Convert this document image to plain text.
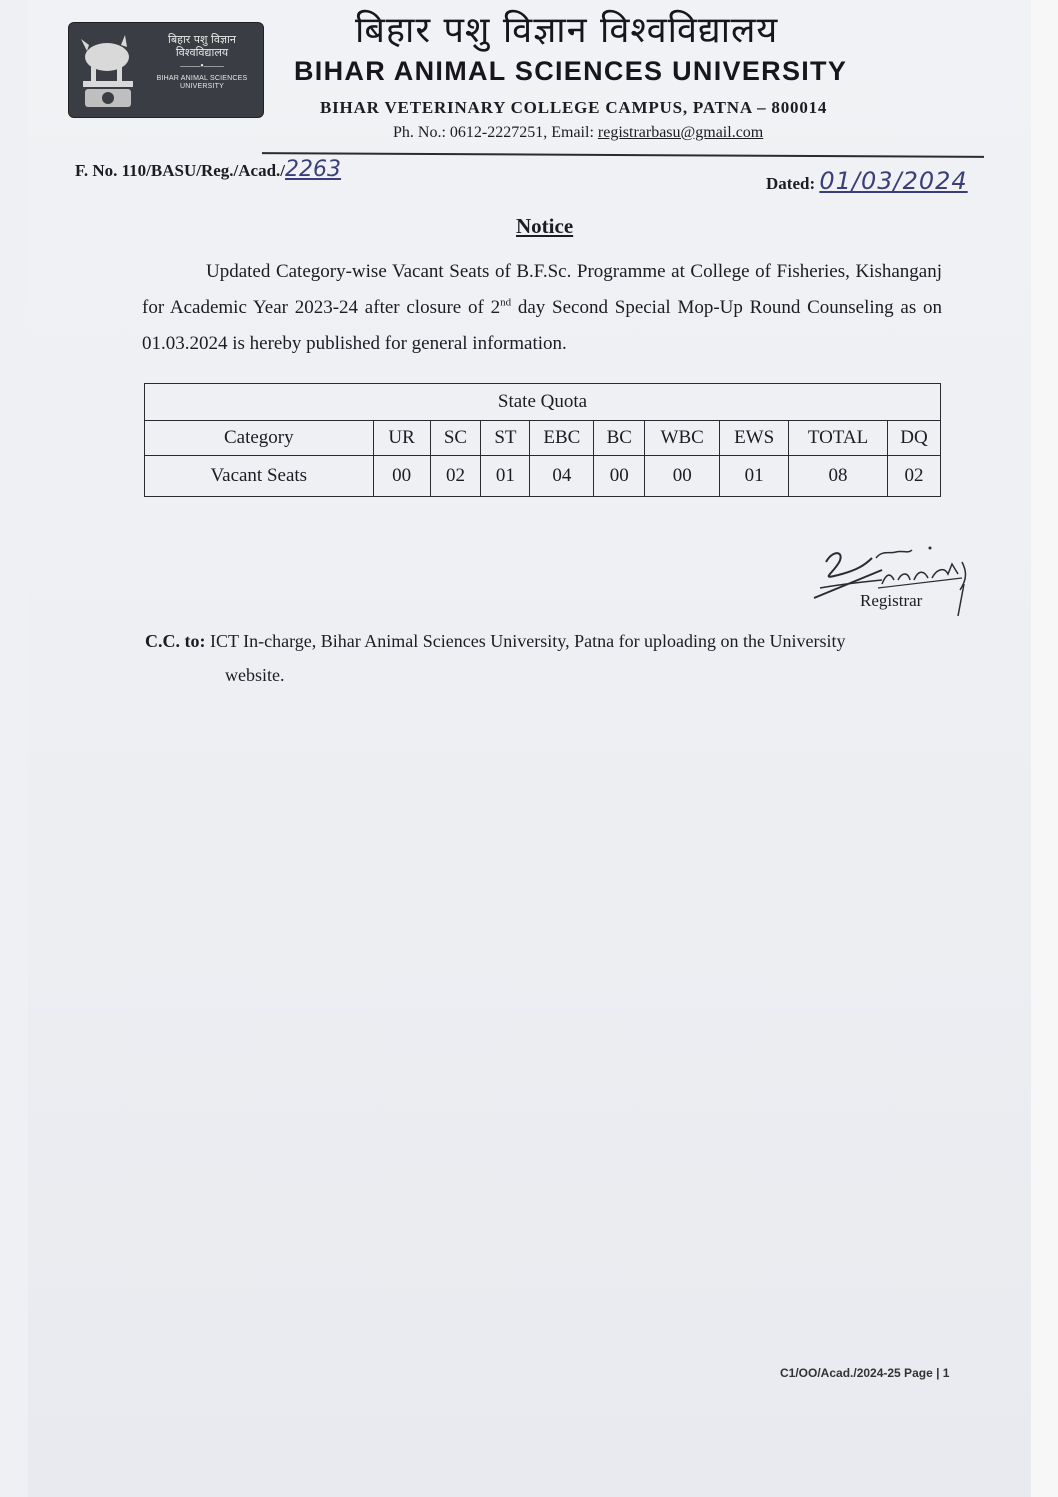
बिहार पशु विज्ञान
विश्वविद्यालय
——•——
BIHAR ANIMAL SCIENCES UNIVERSITY
बिहार पशु विज्ञान विश्वविद्यालय
BIHAR ANIMAL SCIENCES UNIVERSITY
BIHAR VETERINARY COLLEGE CAMPUS, PATNA – 800014
Ph. No.: 0612-2227251, Email: registrarbasu@gmail.com
F. No. 110/BASU/Reg./Acad./2263
Dated: 01/03/2024
Notice
Updated Category-wise Vacant Seats of B.F.Sc. Programme at College of Fisheries, Kishanganj for Academic Year 2023-24 after closure of 2nd day Second Special Mop-Up Round Counseling as on 01.03.2024 is hereby published for general information.
State Quota									
Category	UR	SC	ST	EBC	BC	WBC	EWS	TOTAL	DQ
Vacant Seats	00	02	01	04	00	00	01	08	02
Registrar
C.C. to: ICT In-charge, Bihar Animal Sciences University, Patna for uploading on the University
website.
C1/OO/Acad./2024-25 Page | 1
